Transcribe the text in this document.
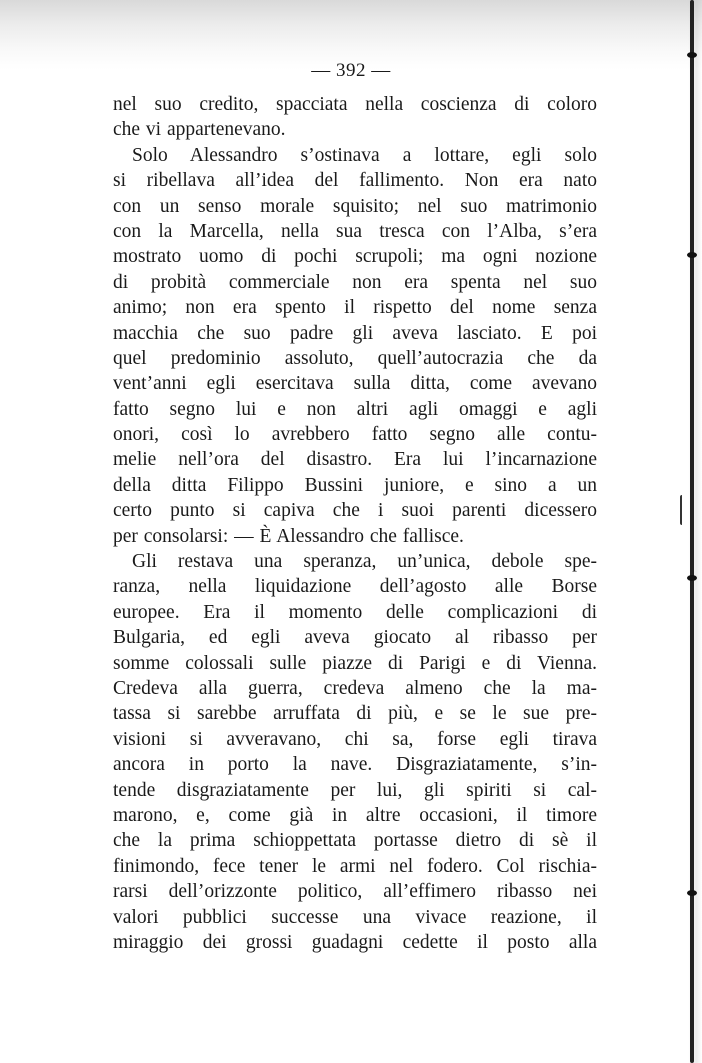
— 392 —
nel suo credito, spacciata nella coscienza di coloro
che vi appartenevano.
Solo Alessandro s’ostinava a lottare, egli solo
si ribellava all’idea del fallimento. Non era nato
con un senso morale squisito; nel suo matrimonio
con la Marcella, nella sua tresca con l’Alba, s’era
mostrato uomo di pochi scrupoli; ma ogni nozione
di probità commerciale non era spenta nel suo
animo; non era spento il rispetto del nome senza
macchia che suo padre gli aveva lasciato. E poi
quel predominio assoluto, quell’autocrazia che da
vent’anni egli esercitava sulla ditta, come avevano
fatto segno lui e non altri agli omaggi e agli
onori, così lo avrebbero fatto segno alle contu-
melie nell’ora del disastro. Era lui l’incarnazione
della ditta Filippo Bussini juniore, e sino a un
certo punto si capiva che i suoi parenti dicessero
per consolarsi: — È Alessandro che fallisce.
Gli restava una speranza, un’unica, debole spe-
ranza, nella liquidazione dell’agosto alle Borse
europee. Era il momento delle complicazioni di
Bulgaria, ed egli aveva giocato al ribasso per
somme colossali sulle piazze di Parigi e di Vienna.
Credeva alla guerra, credeva almeno che la ma-
tassa si sarebbe arruffata di più, e se le sue pre-
visioni si avveravano, chi sa, forse egli tirava
ancora in porto la nave. Disgraziatamente, s’in-
tende disgraziatamente per lui, gli spiriti si cal-
marono, e, come già in altre occasioni, il timore
che la prima schioppettata portasse dietro di sè il
finimondo, fece tener le armi nel fodero. Col rischia-
rarsi dell’orizzonte politico, all’effimero ribasso nei
valori pubblici successe una vivace reazione, il
miraggio dei grossi guadagni cedette il posto alla
